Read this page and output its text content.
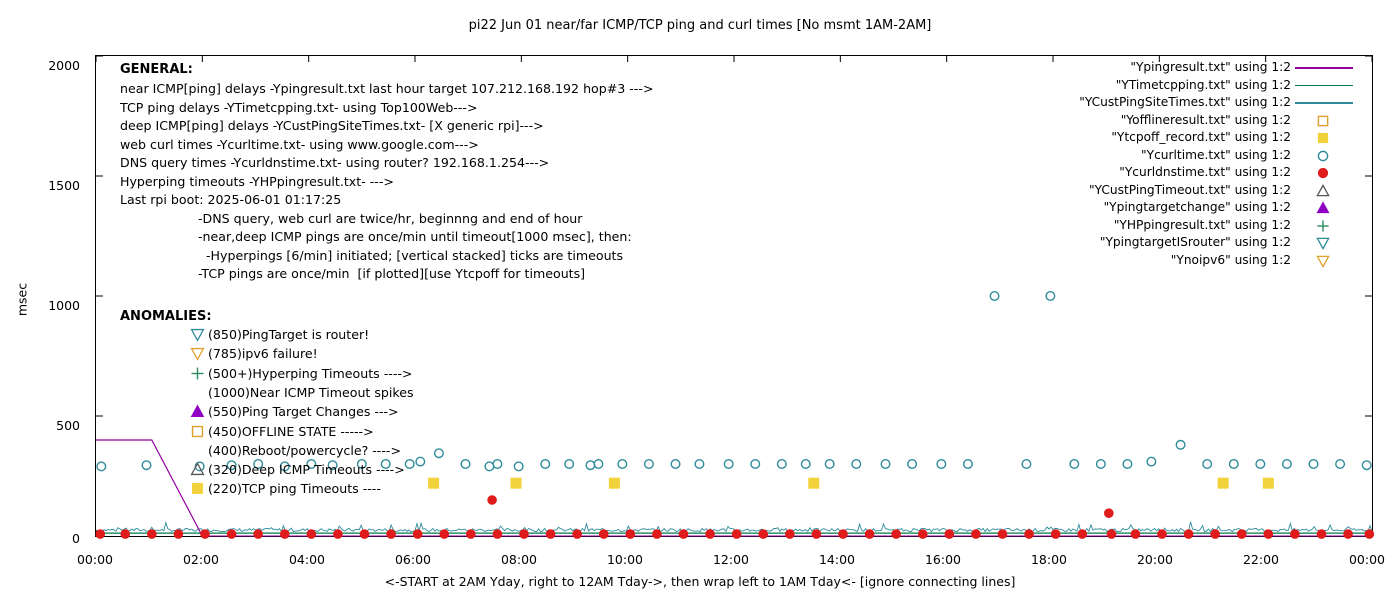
pi22 Jun 01 near/far ICMP/TCP ping and curl times [No msmt 1AM-2AM]
msec
2000
1500
1000
500
0
00:00	02:00	04:00	06:00	08:00	10:00	12:00	14:00	16:00	18:00	20:00	22:00	00:00
<-START at 2AM Yday, right to 12AM Tday->, then wrap left to 1AM Tday<- [ignore connecting lines]
GENERAL:
near ICMP[ping] delays -Ypingresult.txt last hour target 107.212.168.192 hop#3 --->
TCP ping delays -YTimetcpping.txt- using Top100Web--->
deep ICMP[ping] delays -YCustPingSiteTimes.txt- [X generic rpi]--->
web curl times -Ycurltime.txt- using www.google.com--->
DNS query times -Ycurldnstime.txt- using router? 192.168.1.254--->
Hyperping timeouts -YHPpingresult.txt- --->
Last rpi boot: 2025-06-01 01:17:25
-DNS query, web curl are twice/hr, beginnng and end of hour
-near,deep ICMP pings are once/min until timeout[1000 msec], then:
-Hyperpings [6/min] initiated; [vertical stacked] ticks are timeouts
-TCP pings are once/min  [if plotted][use Ytcpoff for timeouts]
ANOMALIES:
(850)PingTarget is router!
(785)ipv6 failure!
(500+)Hyperping Timeouts ---->
(1000)Near ICMP Timeout spikes
(550)Ping Target Changes --->
(450)OFFLINE STATE ----->
(400)Reboot/powercycle? ---->
(320)Deep ICMP Timeouts ---->
(220)TCP ping Timeouts ----
"Ypingresult.txt" using 1:2
"YTimetcpping.txt" using 1:2
"YCustPingSiteTimes.txt" using 1:2
"Yofflineresult.txt" using 1:2
"Ytcpoff_record.txt" using 1:2
"Ycurltime.txt" using 1:2
"Ycurldnstime.txt" using 1:2
"YCustPingTimeout.txt" using 1:2
"Ypingtargetchange" using 1:2
"YHPpingresult.txt" using 1:2
"YpingtargetISrouter" using 1:2
"Ynoipv6" using 1:2
